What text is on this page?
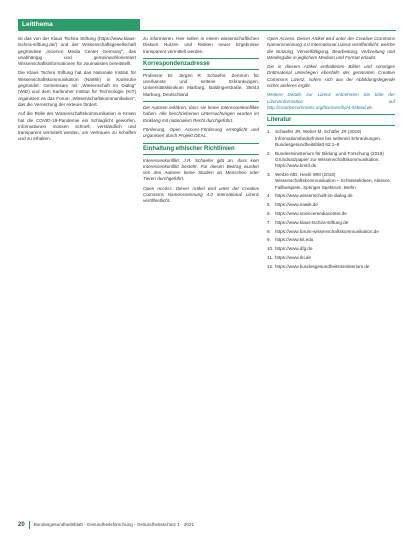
Leitthema

ist das von der Klaus Tschira Stiftung (https://www.klaus-tschira-stiftung.de/) und der Wissenschaftsgesellschaft gegründete „Science Media Center Germany", das unabhängig und gemeinwohlorientiert Wissenschaftsinformationen für Journalisten bereitstellt.

Die Klaus Tschira Stiftung hat das Nationale Institut für Wissenschaftskommunikation (NaWik) in Karlsruhe gegründet. Gemeinsam mit „Wissenschaft im Dialog" (WiD) und dem Karlsruher Institut für Technologie (KIT) organisiert es das Forum „Wissenschaftskommunikation", das die Vernetzung der Akteure fördert.

Auf die Rolle der Wissenschaftskommunikation in Krisen hat die COVID-19-Pandemie ein Schlaglicht geworfen. Informationen müssen schnell, verständlich und transparent vermittelt werden, um Vertrauen zu schaffen und zu erhalten.

zu informieren. Hier sollen in einem wissenschaftlichen Diskurs Nutzen und Risiken neuer Ergebnisse transparent vermittelt werden.

Korrespondenzadresse

Professor Dr. Jürgen R. Schaefer, Zentrum für unerkannte und seltene Erkrankungen, Universitätsklinikum Marburg, Baldingerstraße, 35043 Marburg, Deutschland

Die Autoren erklären, dass sie keine Interessenkonflikte haben. Alle beschriebenen Untersuchungen wurden im Einklang mit nationalem Recht durchgeführt.

Förderung. Open Access-Förderung ermöglicht und organisiert durch Projekt DEAL.

Einhaltung ethischer Richtlinien

Interessenkonflikt. J.R. Schaefer gibt an, dass kein Interessenkonflikt besteht. Für diesen Beitrag wurden von den Autoren keine Studien an Menschen oder Tieren durchgeführt.

Open Access. Dieser Artikel wird unter der Creative Commons Namensnennung 4.0 International Lizenz veröffentlicht.

Open Access. Dieser Artikel wird unter der Creative Commons Namensnennung 4.0 International Lizenz veröffentlicht, welche die Nutzung, Vervielfältigung, Bearbeitung, Verbreitung und Wiedergabe in jeglichem Medium und Format erlaubt.

Die in diesem Artikel enthaltenen Bilder und sonstiges Drittmaterial unterliegen ebenfalls der genannten Creative Commons Lizenz, sofern sich aus der Abbildungslegende nichts anderes ergibt.

Weitere Details zur Lizenz entnehmen Sie bitte der Lizenzinformation auf http://creativecommons.org/licenses/by/4.0/deed.de.

Literatur
1. Schaefer JR, Weber M, Schäfer JR (2019) Informationsbedürfnisse bei seltenen Erkrankungen. Bundesgesundheitsblatt 62:1–8
2. Bundesministerium für Bildung und Forschung (2019) Grundsatzpapier zur Wissenschaftskommunikation. https://www.bmbf.de
3. Weitze MD, Heckl WM (2016) Wissenschaftskommunikation – Schlüsselideen, Akteure, Fallbeispiele. Springer Spektrum, Berlin
4. https://www.wissenschaft-im-dialog.de
5. https://www.nawik.de
6. https://www.sciencemediacenter.de
7. https://www.klaus-tschira-stiftung.de
8. https://www.forum-wissenschaftskommunikation.de
9. https://www.kit.edu
10. https://www.dfg.de
11. https://www.rki.de
12. https://www.bundesgesundheitsministerium.de
20 Bundesgesundheitsblatt - Gesundheitsforschung - Gesundheitsschutz 1 · 2021
